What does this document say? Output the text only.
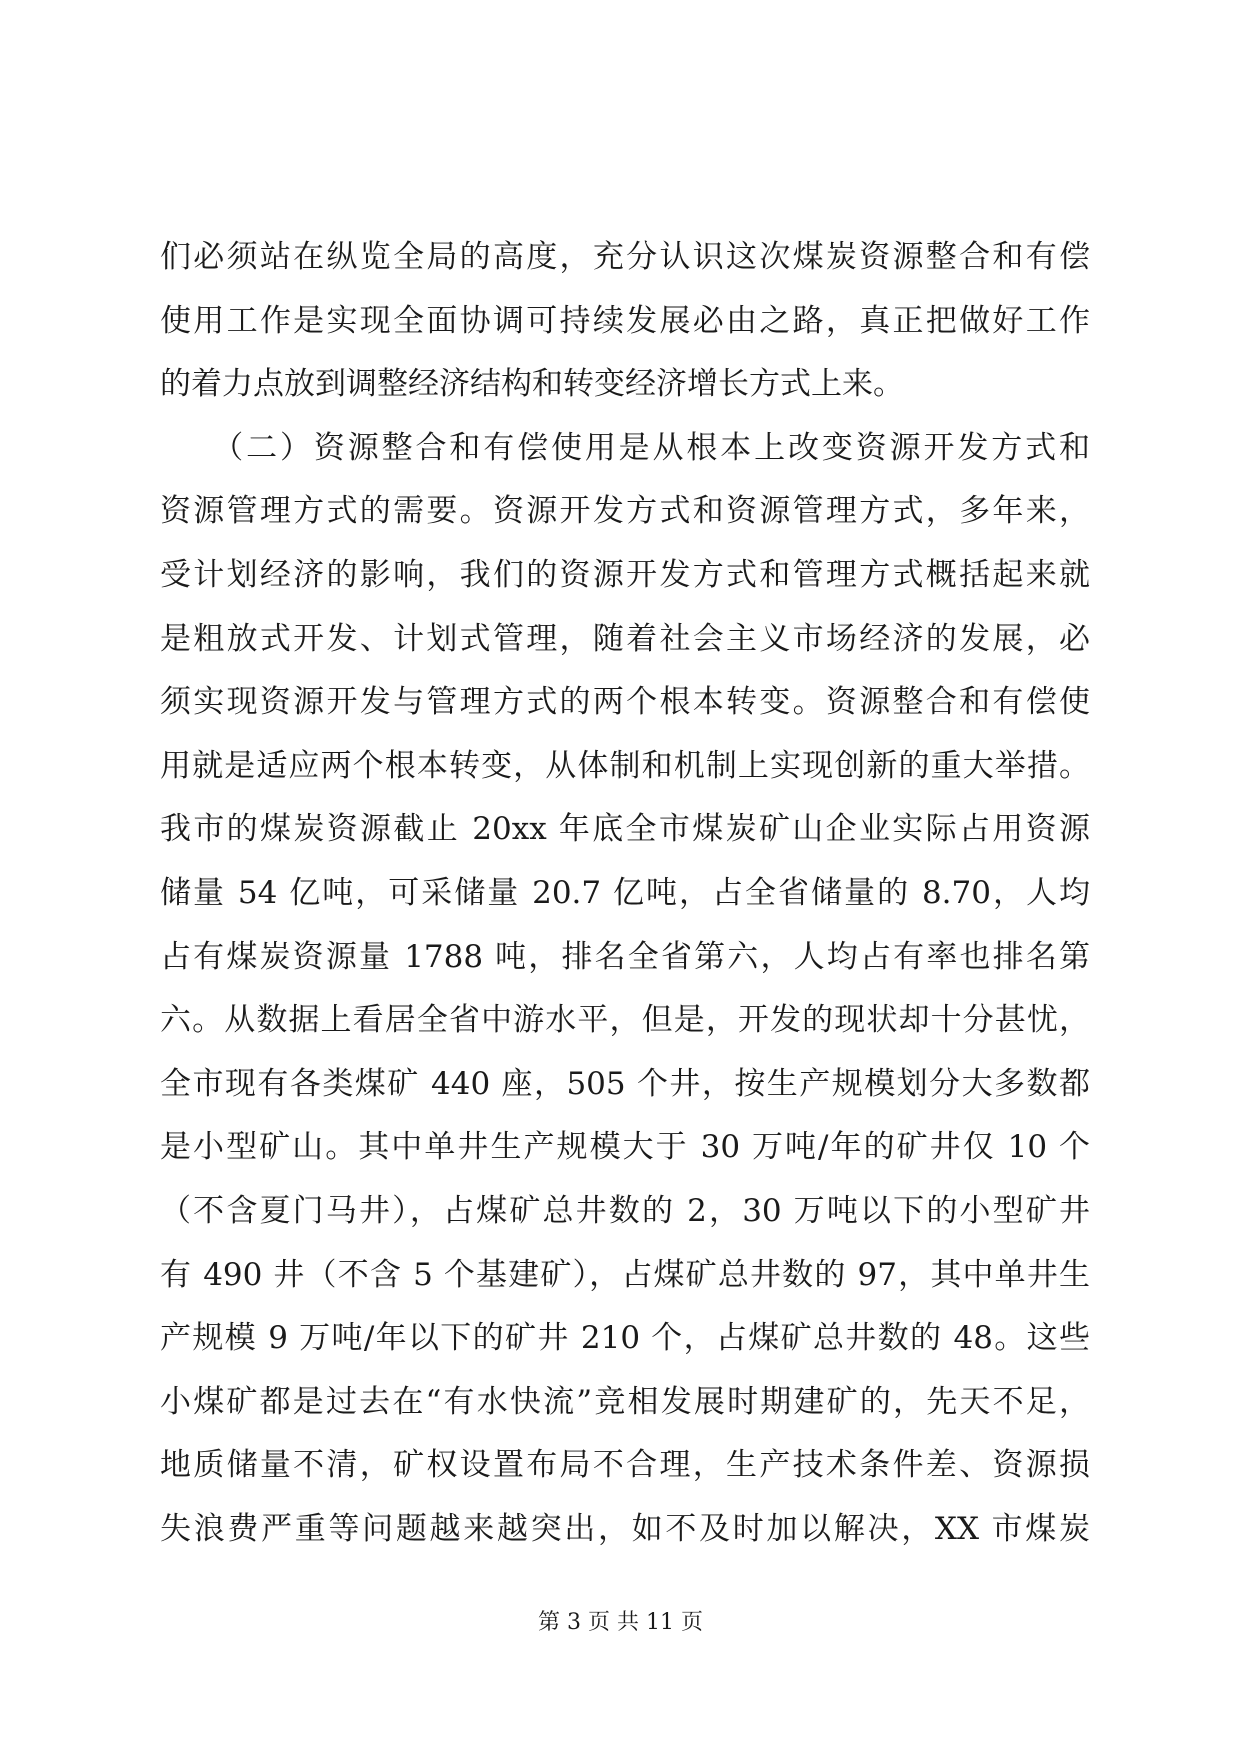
们必须站在纵览全局的高度，充分认识这次煤炭资源整合和有偿
使用工作是实现全面协调可持续发展必由之路，真正把做好工作
的着力点放到调整经济结构和转变经济增长方式上来。
　　（二）资源整合和有偿使用是从根本上改变资源开发方式和
资源管理方式的需要。资源开发方式和资源管理方式，多年来，
受计划经济的影响，我们的资源开发方式和管理方式概括起来就
是粗放式开发、计划式管理，随着社会主义市场经济的发展，必
须实现资源开发与管理方式的两个根本转变。资源整合和有偿使
用就是适应两个根本转变，从体制和机制上实现创新的重大举措。
我市的煤炭资源截止 20xx 年底全市煤炭矿山企业实际占用资源
储量 54 亿吨，可采储量 20.7 亿吨，占全省储量的 8.70，人均
占有煤炭资源量 1788 吨，排名全省第六，人均占有率也排名第
六。从数据上看居全省中游水平，但是，开发的现状却十分甚忧，
全市现有各类煤矿 440 座，505 个井，按生产规模划分大多数都
是小型矿山。其中单井生产规模大于 30 万吨/年的矿井仅 10 个
（不含夏门马井），占煤矿总井数的 2，30 万吨以下的小型矿井
有 490 井（不含 5 个基建矿），占煤矿总井数的 97，其中单井生
产规模 9 万吨/年以下的矿井 210 个，占煤矿总井数的 48。这些
小煤矿都是过去在“有水快流”竞相发展时期建矿的，先天不足，
地质储量不清，矿权设置布局不合理，生产技术条件差、资源损
失浪费严重等问题越来越突出，如不及时加以解决，XX 市煤炭
第 3 页 共 11 页
